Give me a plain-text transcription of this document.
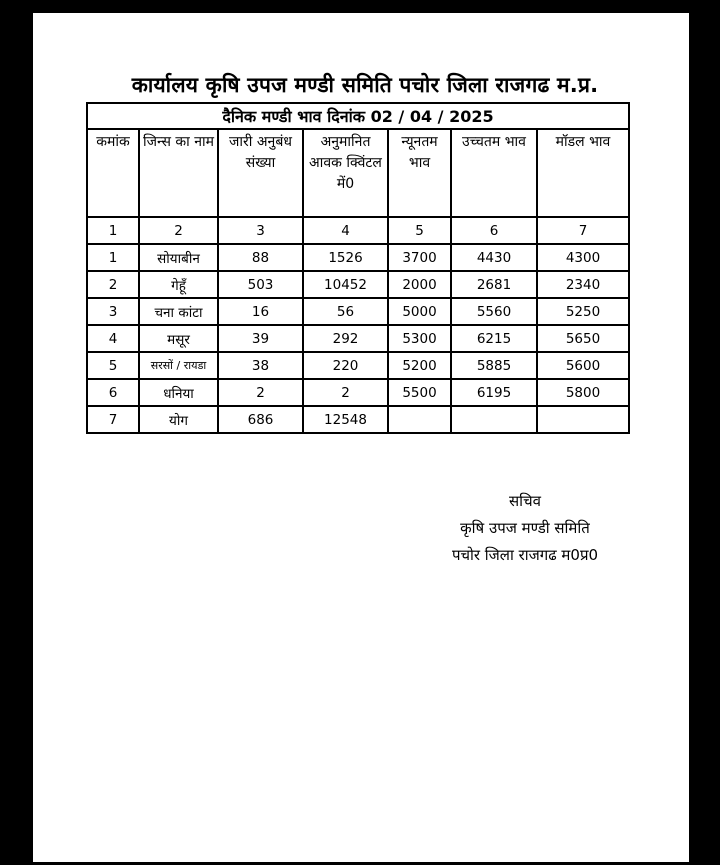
कार्यालय कृषि उपज मण्डी समिति पचोर जिला राजगढ म.प्र.
दैनिक मण्डी भाव दिनांक 02 / 04 / 2025						
कमांक	जिन्स का नाम	जारी अनुबंध संख्या	अनुमानित आवक क्विंटल में0	न्यूनतम भाव	उच्चतम भाव	मॉडल भाव
1	2	3	4	5	6	7
1	सोयाबीन	88	1526	3700	4430	4300
2	गेहूँ	503	10452	2000	2681	2340
3	चना कांटा	16	56	5000	5560	5250
4	मसूर	39	292	5300	6215	5650
5	सरसों / रायडा	38	220	5200	5885	5600
6	धनिया	2	2	5500	6195	5800
7	योग	686	12548			
सचिव
कृषि उपज मण्डी समिति
पचोर जिला राजगढ म0प्र0
